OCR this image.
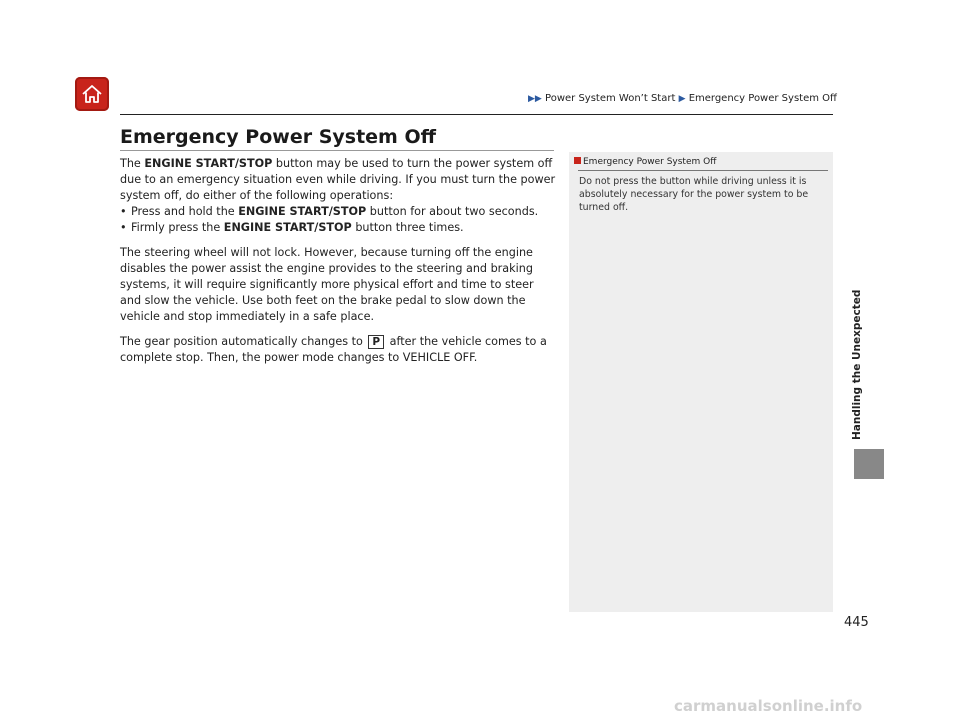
▶▶ Power System Won’t Start ▶ Emergency Power System Off
Emergency Power System Off

The ENGINE START/STOP button may be used to turn the power system off due to an emergency situation even while driving. If you must turn the power system off, do either of the following operations:

• Press and hold the ENGINE START/STOP button for about two seconds.
• Firmly press the ENGINE START/STOP button three times.

The steering wheel will not lock. However, because turning off the engine disables the power assist the engine provides to the steering and braking systems, it will require significantly more physical effort and time to steer and slow the vehicle. Use both feet on the brake pedal to slow down the vehicle and stop immediately in a safe place.

The gear position automatically changes to P after the vehicle comes to a complete stop. Then, the power mode changes to VEHICLE OFF.

Emergency Power System Off
Do not press the button while driving unless it is absolutely necessary for the power system to be turned off.
Handling the Unexpected
445
carmanualsonline.info
